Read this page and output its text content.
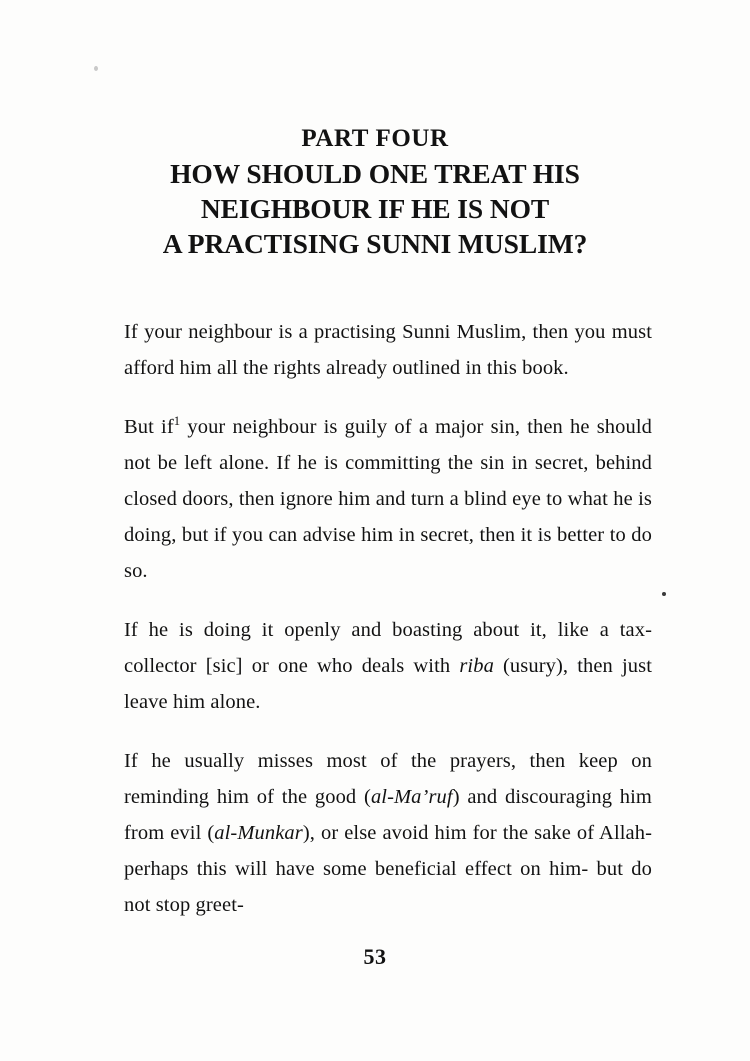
PART FOUR
HOW SHOULD ONE TREAT HIS
NEIGHBOUR IF HE IS NOT
A PRACTISING SUNNI MUSLIM?

If your neighbour is a practising Sunni Muslim, then you must afford him all the rights already outlined in this book.

But $if^1$ your neighbour is guily of a major sin, then he should not be left alone. If he is committing the sin in secret, behind closed doors, then ignore him and turn a blind eye to what he is doing, but if you can advise him in secret, then it is better to do so.

If he is doing it openly and boasting about it, like a tax-collector [sic] or one who deals with riba (usury), then just leave him alone.

If he usually misses most of the prayers, then keep on reminding him of the good (al-Ma’ruf) and discouraging him from evil (al-Munkar), or else avoid him for the sake of Allah- perhaps this will have some beneficial effect on him- but do not stop greet-

53
